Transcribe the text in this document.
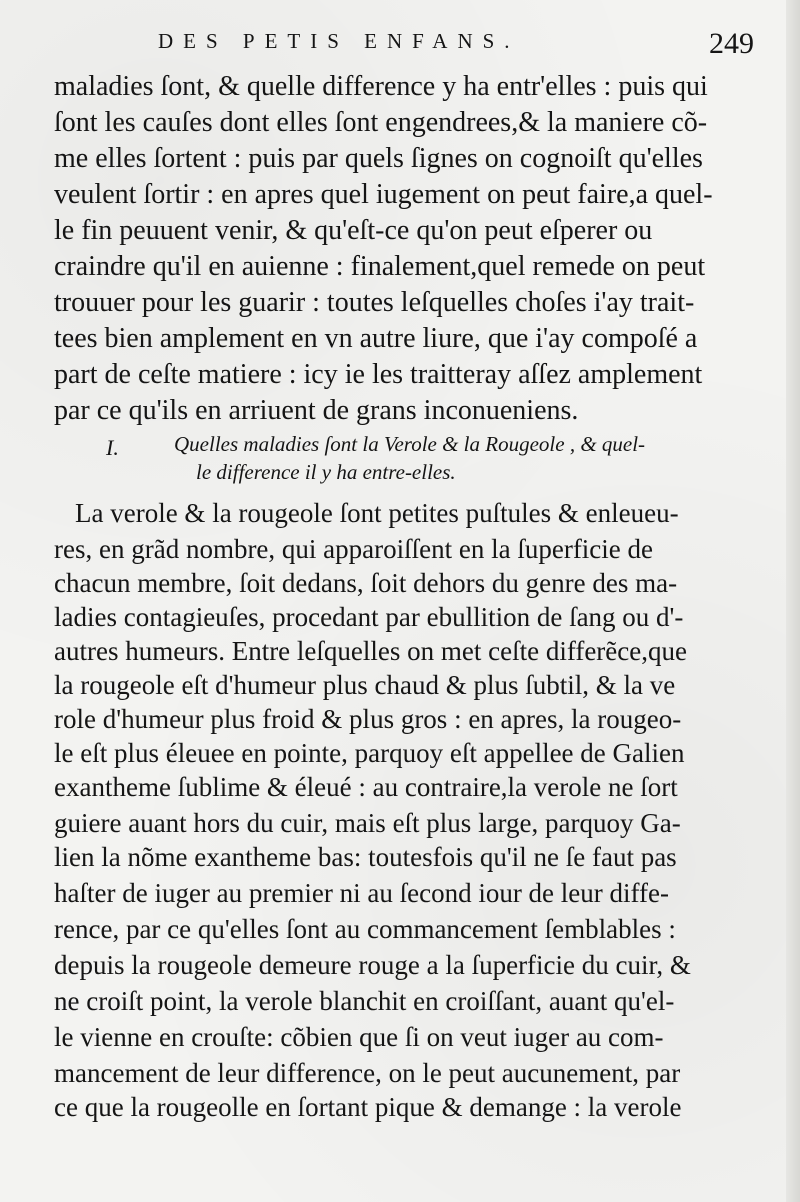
DES PETIS ENFANS.	249
maladies ſont, & quelle difference y ha entr'elles : puis qui
ſont les cauſes dont elles ſont engendrees,& la maniere cõ-
me elles ſortent : puis par quels ſignes on cognoiſt qu'elles
veulent ſortir : en apres quel iugement on peut faire,a quel-
le fin peuuent venir, & qu'eſt-ce qu'on peut eſperer ou
craindre qu'il en auienne : finalement,quel remede on peut
trouuer pour les guarir : toutes leſquelles choſes i'ay trait-
tees bien amplement en vn autre liure, que i'ay compoſé a
part de ceſte matiere : icy ie les traitteray aſſez amplement
par ce qu'ils en arriuent de grans inconueniens.
I.	Quelles maladies ſont la Verole & la Rougeole , & quel-
le difference il y ha entre-elles.
La verole & la rougeole ſont petites puſtules & enleueu-
res, en grãd nombre, qui apparoiſſent en la ſuperficie de
chacun membre, ſoit dedans, ſoit dehors du genre des ma-
ladies contagieuſes, procedant par ebullition de ſang ou d'-
autres humeurs. Entre leſquelles on met ceſte differẽce,que
la rougeole eſt d'humeur plus chaud & plus ſubtil, & la ve
role d'humeur plus froid & plus gros : en apres, la rougeo-
le eſt plus éleuee en pointe, parquoy eſt appellee de Galien
exantheme ſublime & éleué : au contraire,la verole ne ſort
guiere auant hors du cuir, mais eſt plus large, parquoy Ga-
lien la nõme exantheme bas: toutesfois qu'il ne ſe faut pas
haſter de iuger au premier ni au ſecond iour de leur diffe-
rence, par ce qu'elles ſont au commancement ſemblables :
depuis la rougeole demeure rouge a la ſuperficie du cuir, &
ne croiſt point, la verole blanchit en croiſſant, auant qu'el-
le vienne en crouſte: cõbien que ſi on veut iuger au com-
mancement de leur difference, on le peut aucunement, par
ce que la rougeolle en ſortant pique & demange : la verole
